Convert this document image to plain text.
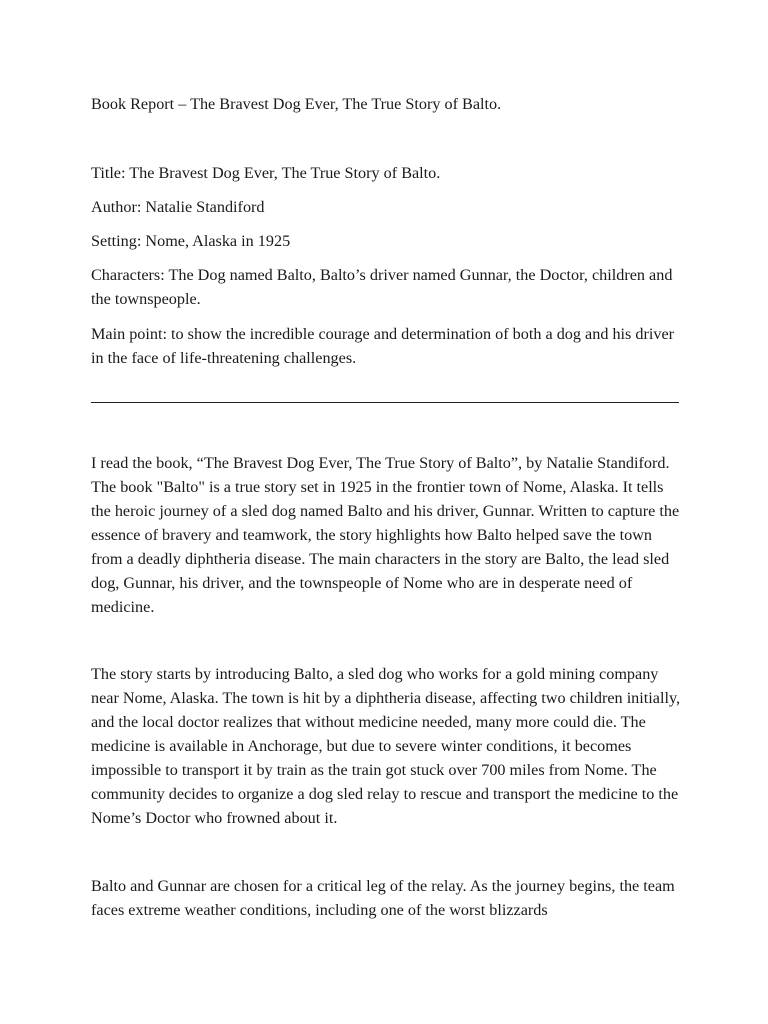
Book Report – The Bravest Dog Ever, The True Story of Balto.

Title: The Bravest Dog Ever, The True Story of Balto.

Author: Natalie Standiford

Setting: Nome, Alaska in 1925

Characters: The Dog named Balto, Balto’s driver named Gunnar, the Doctor, children and the townspeople.

Main point: to show the incredible courage and determination of both a dog and his driver in the face of life-threatening challenges.

I read the book, “The Bravest Dog Ever, The True Story of Balto”, by Natalie Standiford. The book "Balto" is a true story set in 1925 in the frontier town of Nome, Alaska. It tells the heroic journey of a sled dog named Balto and his driver, Gunnar. Written to capture the essence of bravery and teamwork, the story highlights how Balto helped save the town from a deadly diphtheria disease. The main characters in the story are Balto, the lead sled dog, Gunnar, his driver, and the townspeople of Nome who are in desperate need of medicine.

The story starts by introducing Balto, a sled dog who works for a gold mining company near Nome, Alaska. The town is hit by a diphtheria disease, affecting two children initially, and the local doctor realizes that without medicine needed, many more could die. The medicine is available in Anchorage, but due to severe winter conditions, it becomes impossible to transport it by train as the train got stuck over 700 miles from Nome. The community decides to organize a dog sled relay to rescue and transport the medicine to the Nome’s Doctor who frowned about it.

Balto and Gunnar are chosen for a critical leg of the relay. As the journey begins, the team faces extreme weather conditions, including one of the worst blizzards
